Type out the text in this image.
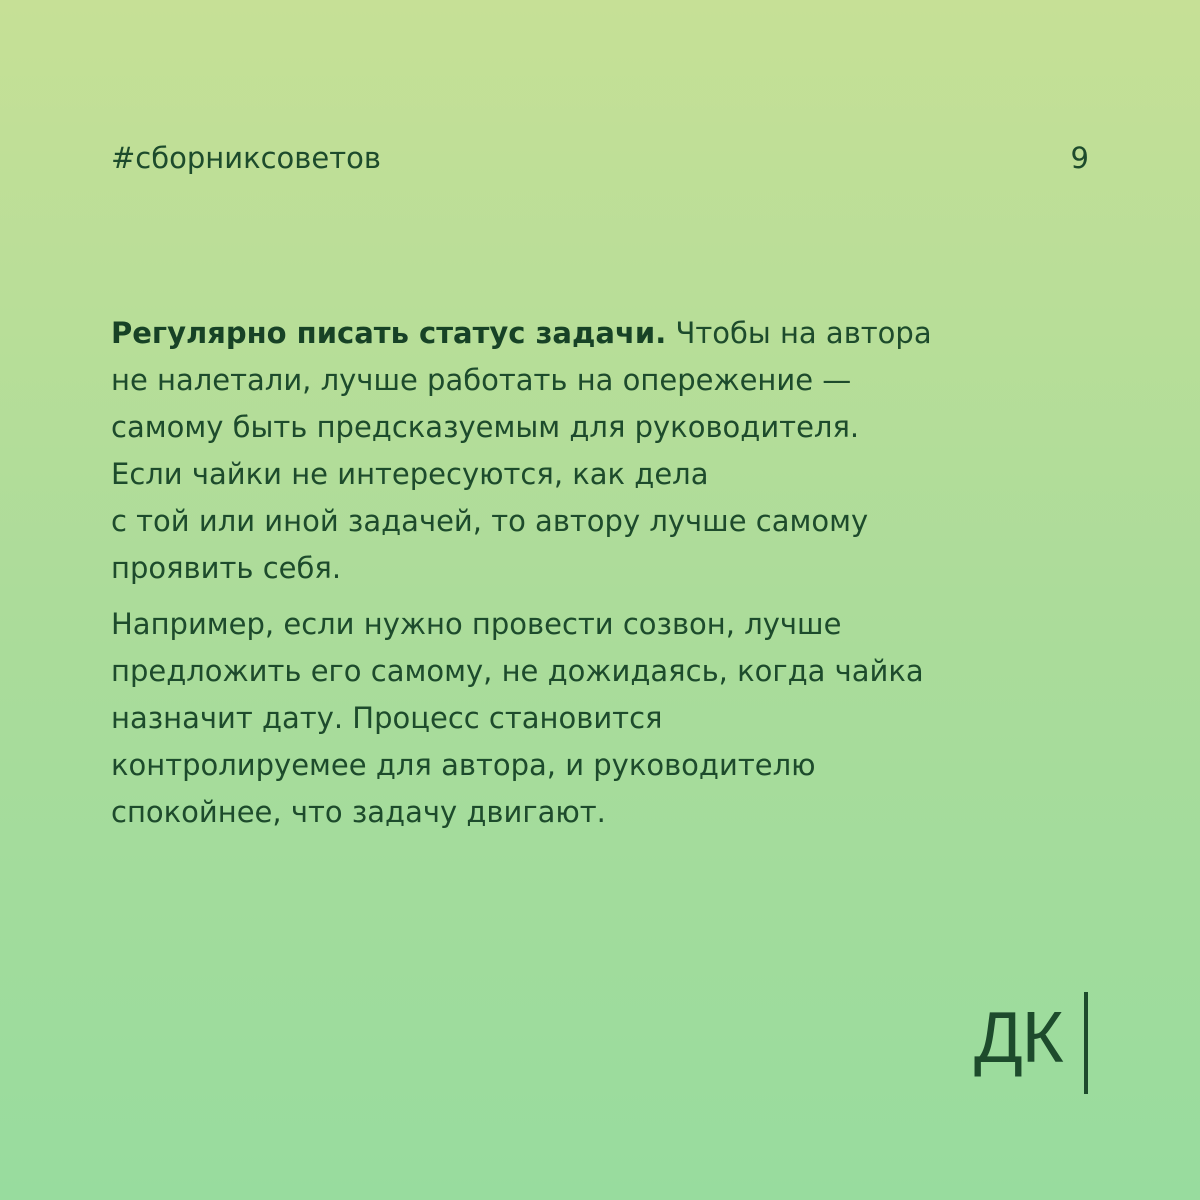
#сборниксоветов	9

Регулярно писать статус задачи. Чтобы на автора
не налетали, лучше работать на опережение —
самому быть предсказуемым для руководителя.
Если чайки не интересуются, как дела
с той или иной задачей, то автору лучше самому
проявить себя.

Например, если нужно провести созвон, лучше
предложить его самому, не дожидаясь, когда чайка
назначит дату. Процесс становится
контролируемее для автора, и руководителю
спокойнее, что задачу двигают.

ДК
